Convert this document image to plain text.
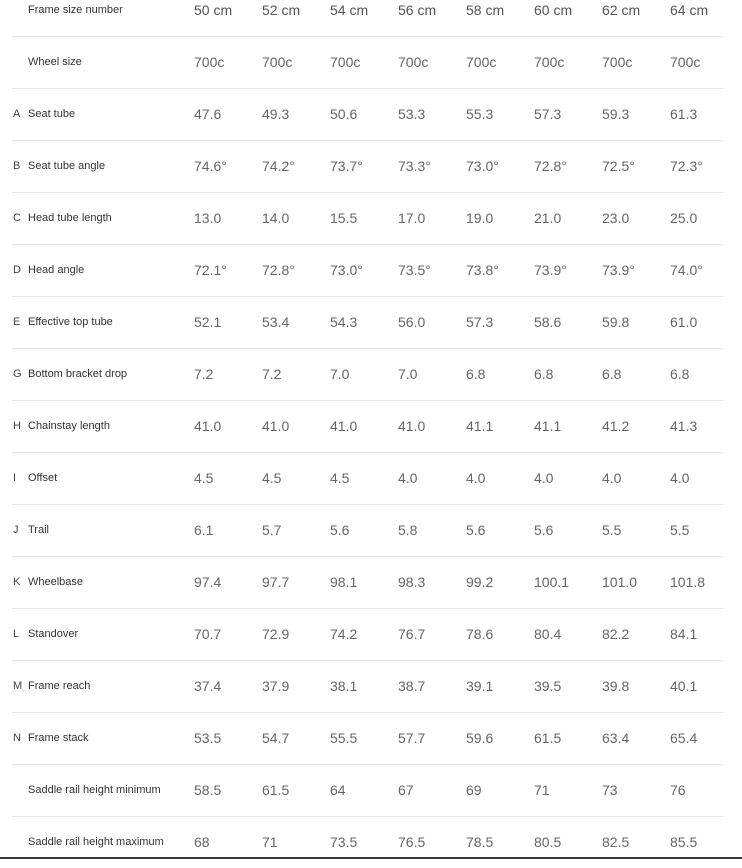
Frame size number	50 cm 52 cm 54 cm 56 cm 58 cm 60 cm 62 cm 64 cm
Wheel size	700c	700c	700c	700c	700c	700c	700c	700c
A Seat tube	47.6	49.3	50.6	53.3	55.3	57.3	59.3	61.3
B Seat tube angle	74.6°	74.2°	73.7°	73.3°	73.0°	72.8°	72.5°	72.3°
C Head tube length	13.0	14.0	15.5	17.0	19.0	21.0	23.0	25.0
D Head angle	72.1°	72.8°	73.0°	73.5°	73.8°	73.9°	73.9°	74.0°
E Effective top tube	52.1	53.4	54.3	56.0	57.3	58.6	59.8	61.0
G Bottom bracket drop	7.2	7.2	7.0	7.0	6.8	6.8	6.8	6.8
H Chainstay length	41.0	41.0	41.0	41.0	41.1	41.1	41.2	41.3
I Offset	4.5	4.5	4.5	4.0	4.0	4.0	4.0	4.0
J Trail	6.1	5.7	5.6	5.8	5.6	5.6	5.5	5.5
K Wheelbase	97.4	97.7	98.1	98.3	99.2	100.1 101.0 101.8
L Standover	70.7	72.9	74.2	76.7	78.6	80.4	82.2	84.1
M Frame reach	37.4	37.9	38.1	38.7	39.1	39.5	39.8	40.1
N Frame stack	53.5	54.7	55.5	57.7	59.6	61.5	63.4	65.4
Saddle rail height minimum 58.5	61.5	64	67	69	71	73	76
Saddle rail height maximum 68	71	73.5	76.5	78.5	80.5	82.5	85.5
